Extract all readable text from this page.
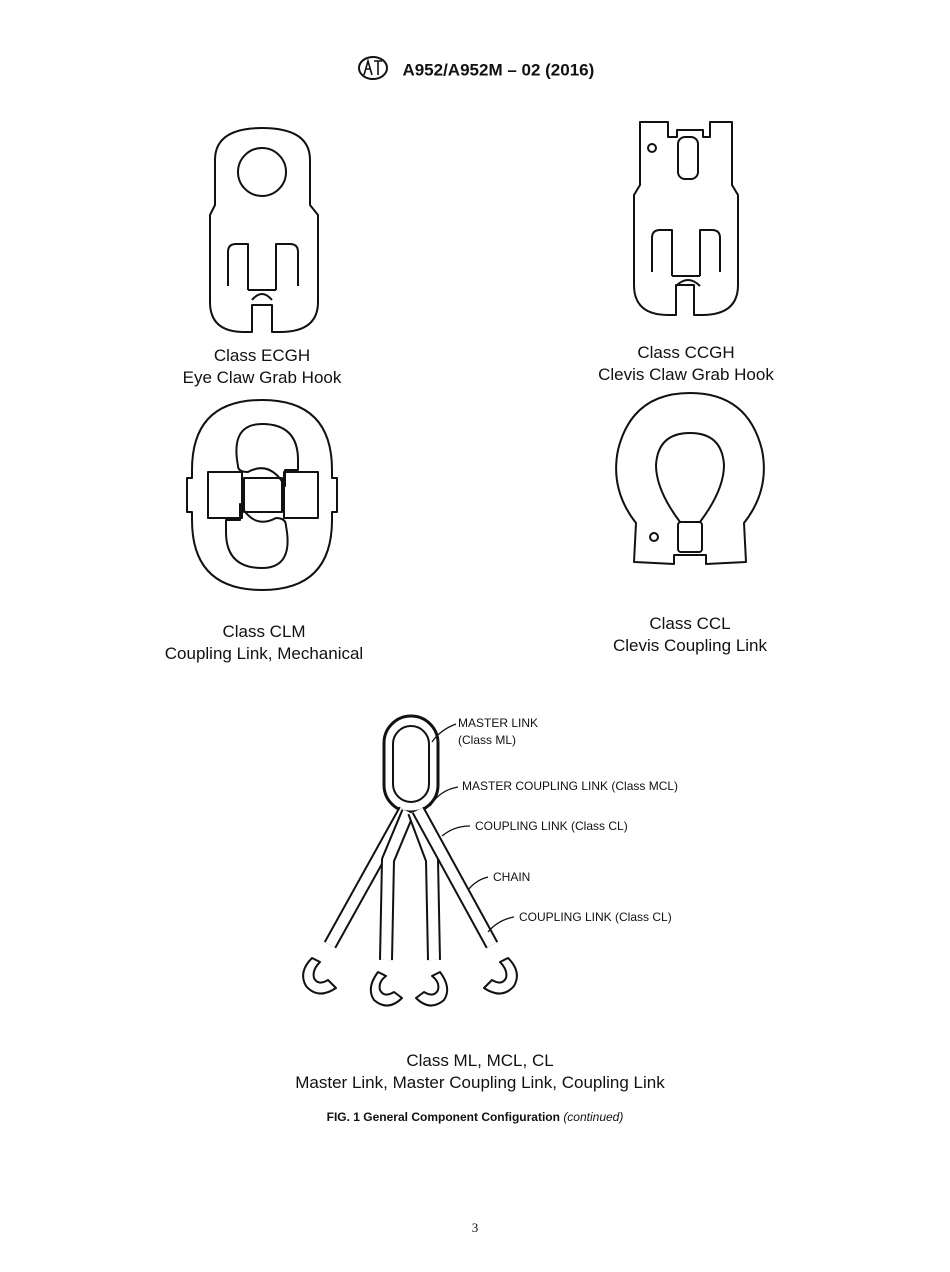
A952/A952M – 02 (2016)
MASTER LINK
(Class ML)
MASTER COUPLING LINK (Class MCL)
COUPLING LINK (Class CL)
CHAIN
COUPLING LINK (Class CL)
Class ECGH
Eye Claw Grab Hook
Class CCGH
Clevis Claw Grab Hook
Class CLM
Coupling Link, Mechanical
Class CCL
Clevis Coupling Link
Class ML, MCL, CL
Master Link, Master Coupling Link, Coupling Link
FIG. 1 General Component Configuration (continued)
3
